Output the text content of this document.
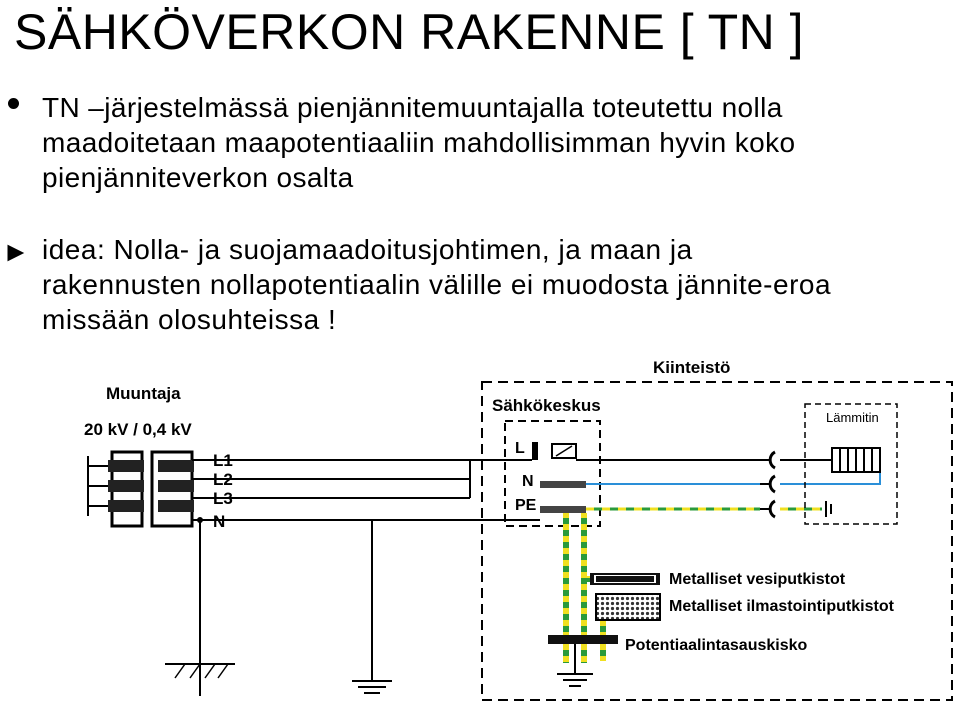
SÄHKÖVERKON RAKENNE [ TN ]
TN –järjestelmässä pienjännitemuuntajalla toteutettu nolla maadoitetaan maapotentiaaliin mahdollisimman hyvin koko pienjänniteverkon osalta
► idea: Nolla- ja suojamaadoitusjohtimen, ja maan ja
rakennusten nollapotentiaalin välille ei muodosta jännite-eroa missään olosuhteissa !
Muuntaja
20 kV / 0,4 kV
L1
L2
L3
N
Kiinteistö
Sähkökeskus
L
N
PE
Lämmitin
Metalliset vesiputkistot
Metalliset ilmastointiputkistot
Potentiaalintasauskisko
